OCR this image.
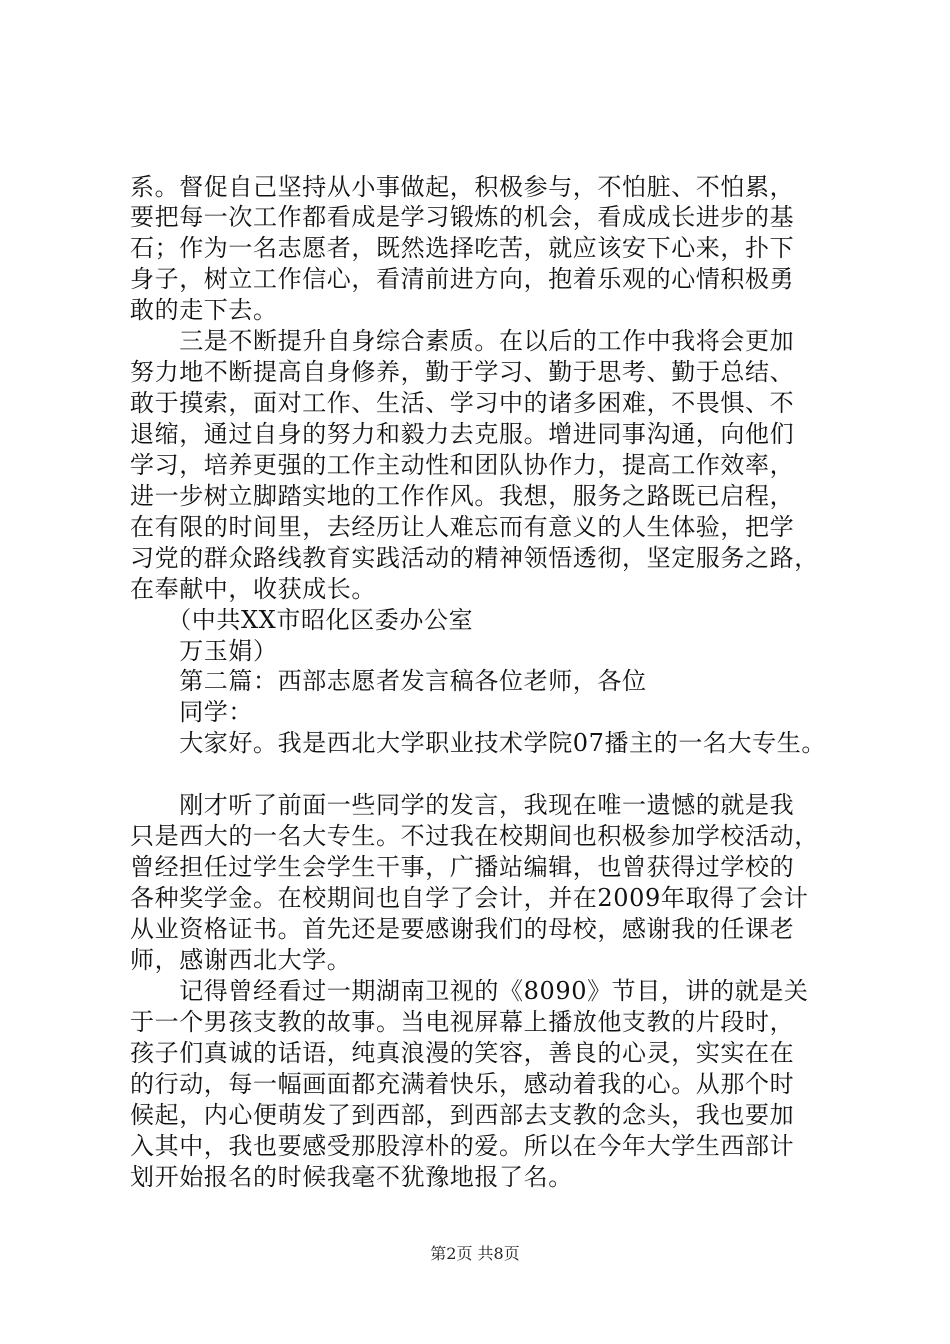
系。督促自己坚持从小事做起，积极参与，不怕脏、不怕累，
要把每一次工作都看成是学习锻炼的机会，看成成长进步的基
石；作为一名志愿者，既然选择吃苦，就应该安下心来，扑下
身子，树立工作信心，看清前进方向，抱着乐观的心情积极勇
敢的走下去。
　　三是不断提升自身综合素质。在以后的工作中我将会更加
努力地不断提高自身修养，勤于学习、勤于思考、勤于总结、
敢于摸索，面对工作、生活、学习中的诸多困难，不畏惧、不
退缩，通过自身的努力和毅力去克服。增进同事沟通，向他们
学习，培养更强的工作主动性和团队协作力，提高工作效率，
进一步树立脚踏实地的工作作风。我想，服务之路既已启程，
在有限的时间里，去经历让人难忘而有意义的人生体验，把学
习党的群众路线教育实践活动的精神领悟透彻，坚定服务之路，
在奉献中，收获成长。
　　（中共XX市昭化区委办公室
　　万玉娟）
　　第二篇：西部志愿者发言稿各位老师，各位
　　同学：
　　大家好。我是西北大学职业技术学院07播主的一名大专生。
　　刚才听了前面一些同学的发言，我现在唯一遗憾的就是我
只是西大的一名大专生。不过我在校期间也积极参加学校活动，
曾经担任过学生会学生干事，广播站编辑，也曾获得过学校的
各种奖学金。在校期间也自学了会计，并在2009年取得了会计
从业资格证书。首先还是要感谢我们的母校，感谢我的任课老
师，感谢西北大学。
　　记得曾经看过一期湖南卫视的《8090》节目，讲的就是关
于一个男孩支教的故事。当电视屏幕上播放他支教的片段时，
孩子们真诚的话语，纯真浪漫的笑容，善良的心灵，实实在在
的行动，每一幅画面都充满着快乐，感动着我的心。从那个时
候起，内心便萌发了到西部，到西部去支教的念头，我也要加
入其中，我也要感受那股淳朴的爱。所以在今年大学生西部计
划开始报名的时候我毫不犹豫地报了名。
第2页 共8页
